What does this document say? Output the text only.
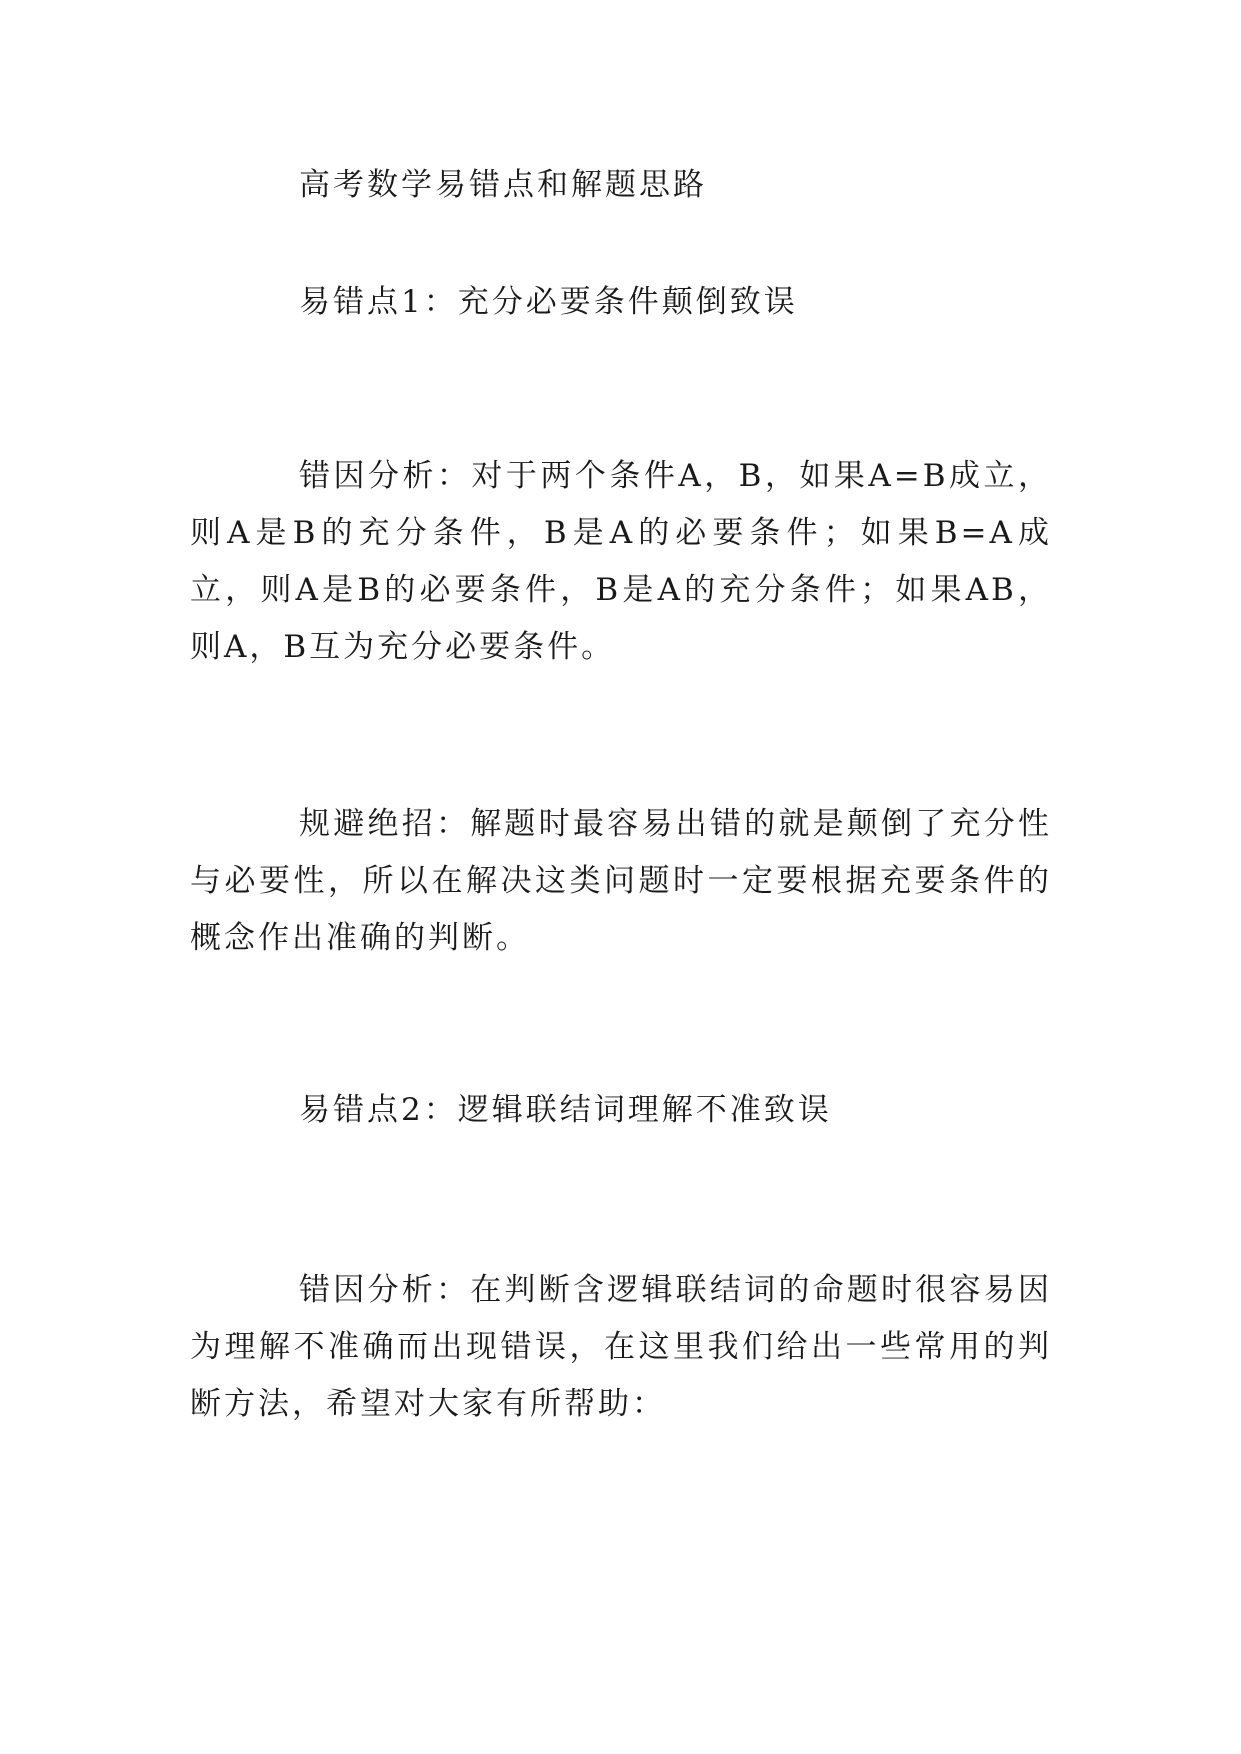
高考数学易错点和解题思路
易错点1：充分必要条件颠倒致误
错因分析：对于两个条件A，B，如果A=B成立，则A是B的充分条件，B是A的必要条件；如果B=A成立，则A是B的必要条件，B是A的充分条件；如果AB，则A，B互为充分必要条件。
规避绝招：解题时最容易出错的就是颠倒了充分性与必要性，所以在解决这类问题时一定要根据充要条件的概念作出准确的判断。
易错点2：逻辑联结词理解不准致误
错因分析：在判断含逻辑联结词的命题时很容易因为理解不准确而出现错误，在这里我们给出一些常用的判断方法，希望对大家有所帮助：
